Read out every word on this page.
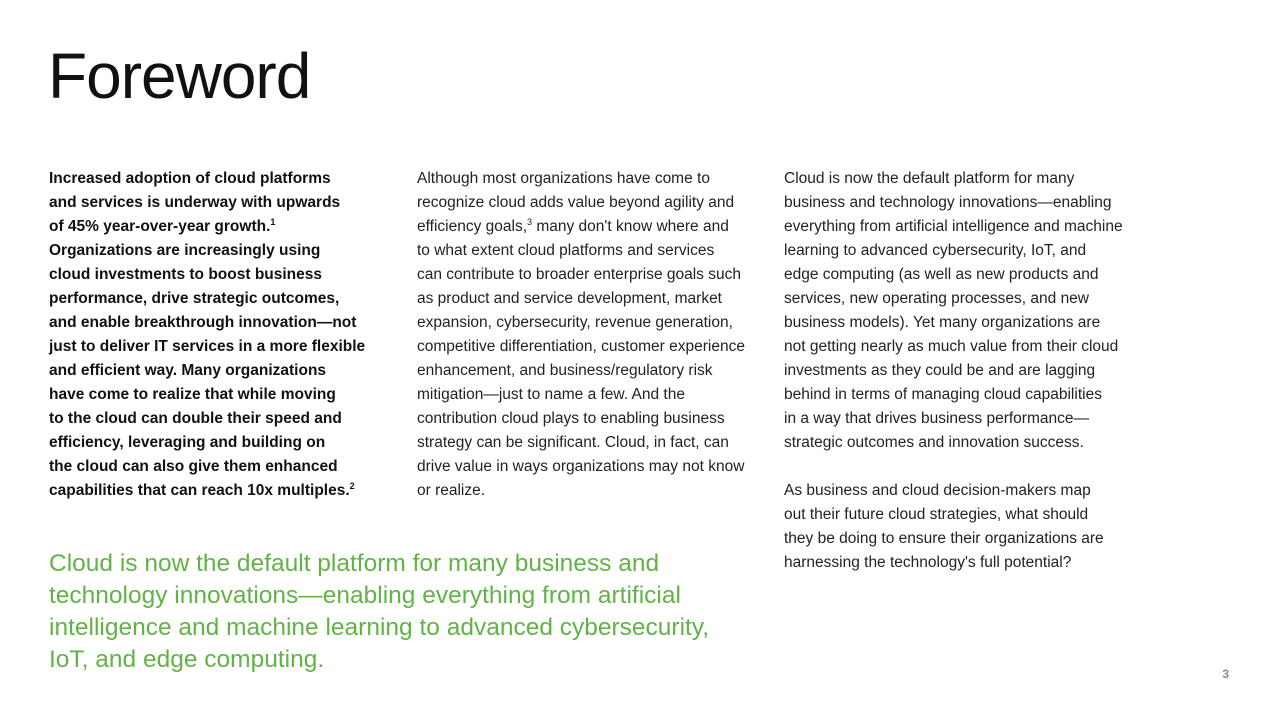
Foreword
Increased adoption of cloud platforms
and services is underway with upwards
of 45% year-over-year growth.$^1$
Organizations are increasingly using
cloud investments to boost business
performance, drive strategic outcomes,
and enable breakthrough innovation—not
just to deliver IT services in a more flexible
and efficient way. Many organizations
have come to realize that while moving
to the cloud can double their speed and
efficiency, leveraging and building on
the cloud can also give them enhanced
capabilities that can reach 10x multiples.$^2$
Although most organizations have come to
recognize cloud adds value beyond agility and
efficiency goals,$^3$ many don't know where and
to what extent cloud platforms and services
can contribute to broader enterprise goals such
as product and service development, market
expansion, cybersecurity, revenue generation,
competitive differentiation, customer experience
enhancement, and business/regulatory risk
mitigation—just to name a few. And the
contribution cloud plays to enabling business
strategy can be significant. Cloud, in fact, can
drive value in ways organizations may not know
or realize.
Cloud is now the default platform for many
business and technology innovations—enabling
everything from artificial intelligence and machine
learning to advanced cybersecurity, IoT, and
edge computing (as well as new products and
services, new operating processes, and new
business models). Yet many organizations are
not getting nearly as much value from their cloud
investments as they could be and are lagging
behind in terms of managing cloud capabilities
in a way that drives business performance—
strategic outcomes and innovation success.
As business and cloud decision-makers map
out their future cloud strategies, what should
they be doing to ensure their organizations are
harnessing the technology's full potential?
Cloud is now the default platform for many business and
technology innovations—enabling everything from artificial
intelligence and machine learning to advanced cybersecurity,
IoT, and edge computing.
3
